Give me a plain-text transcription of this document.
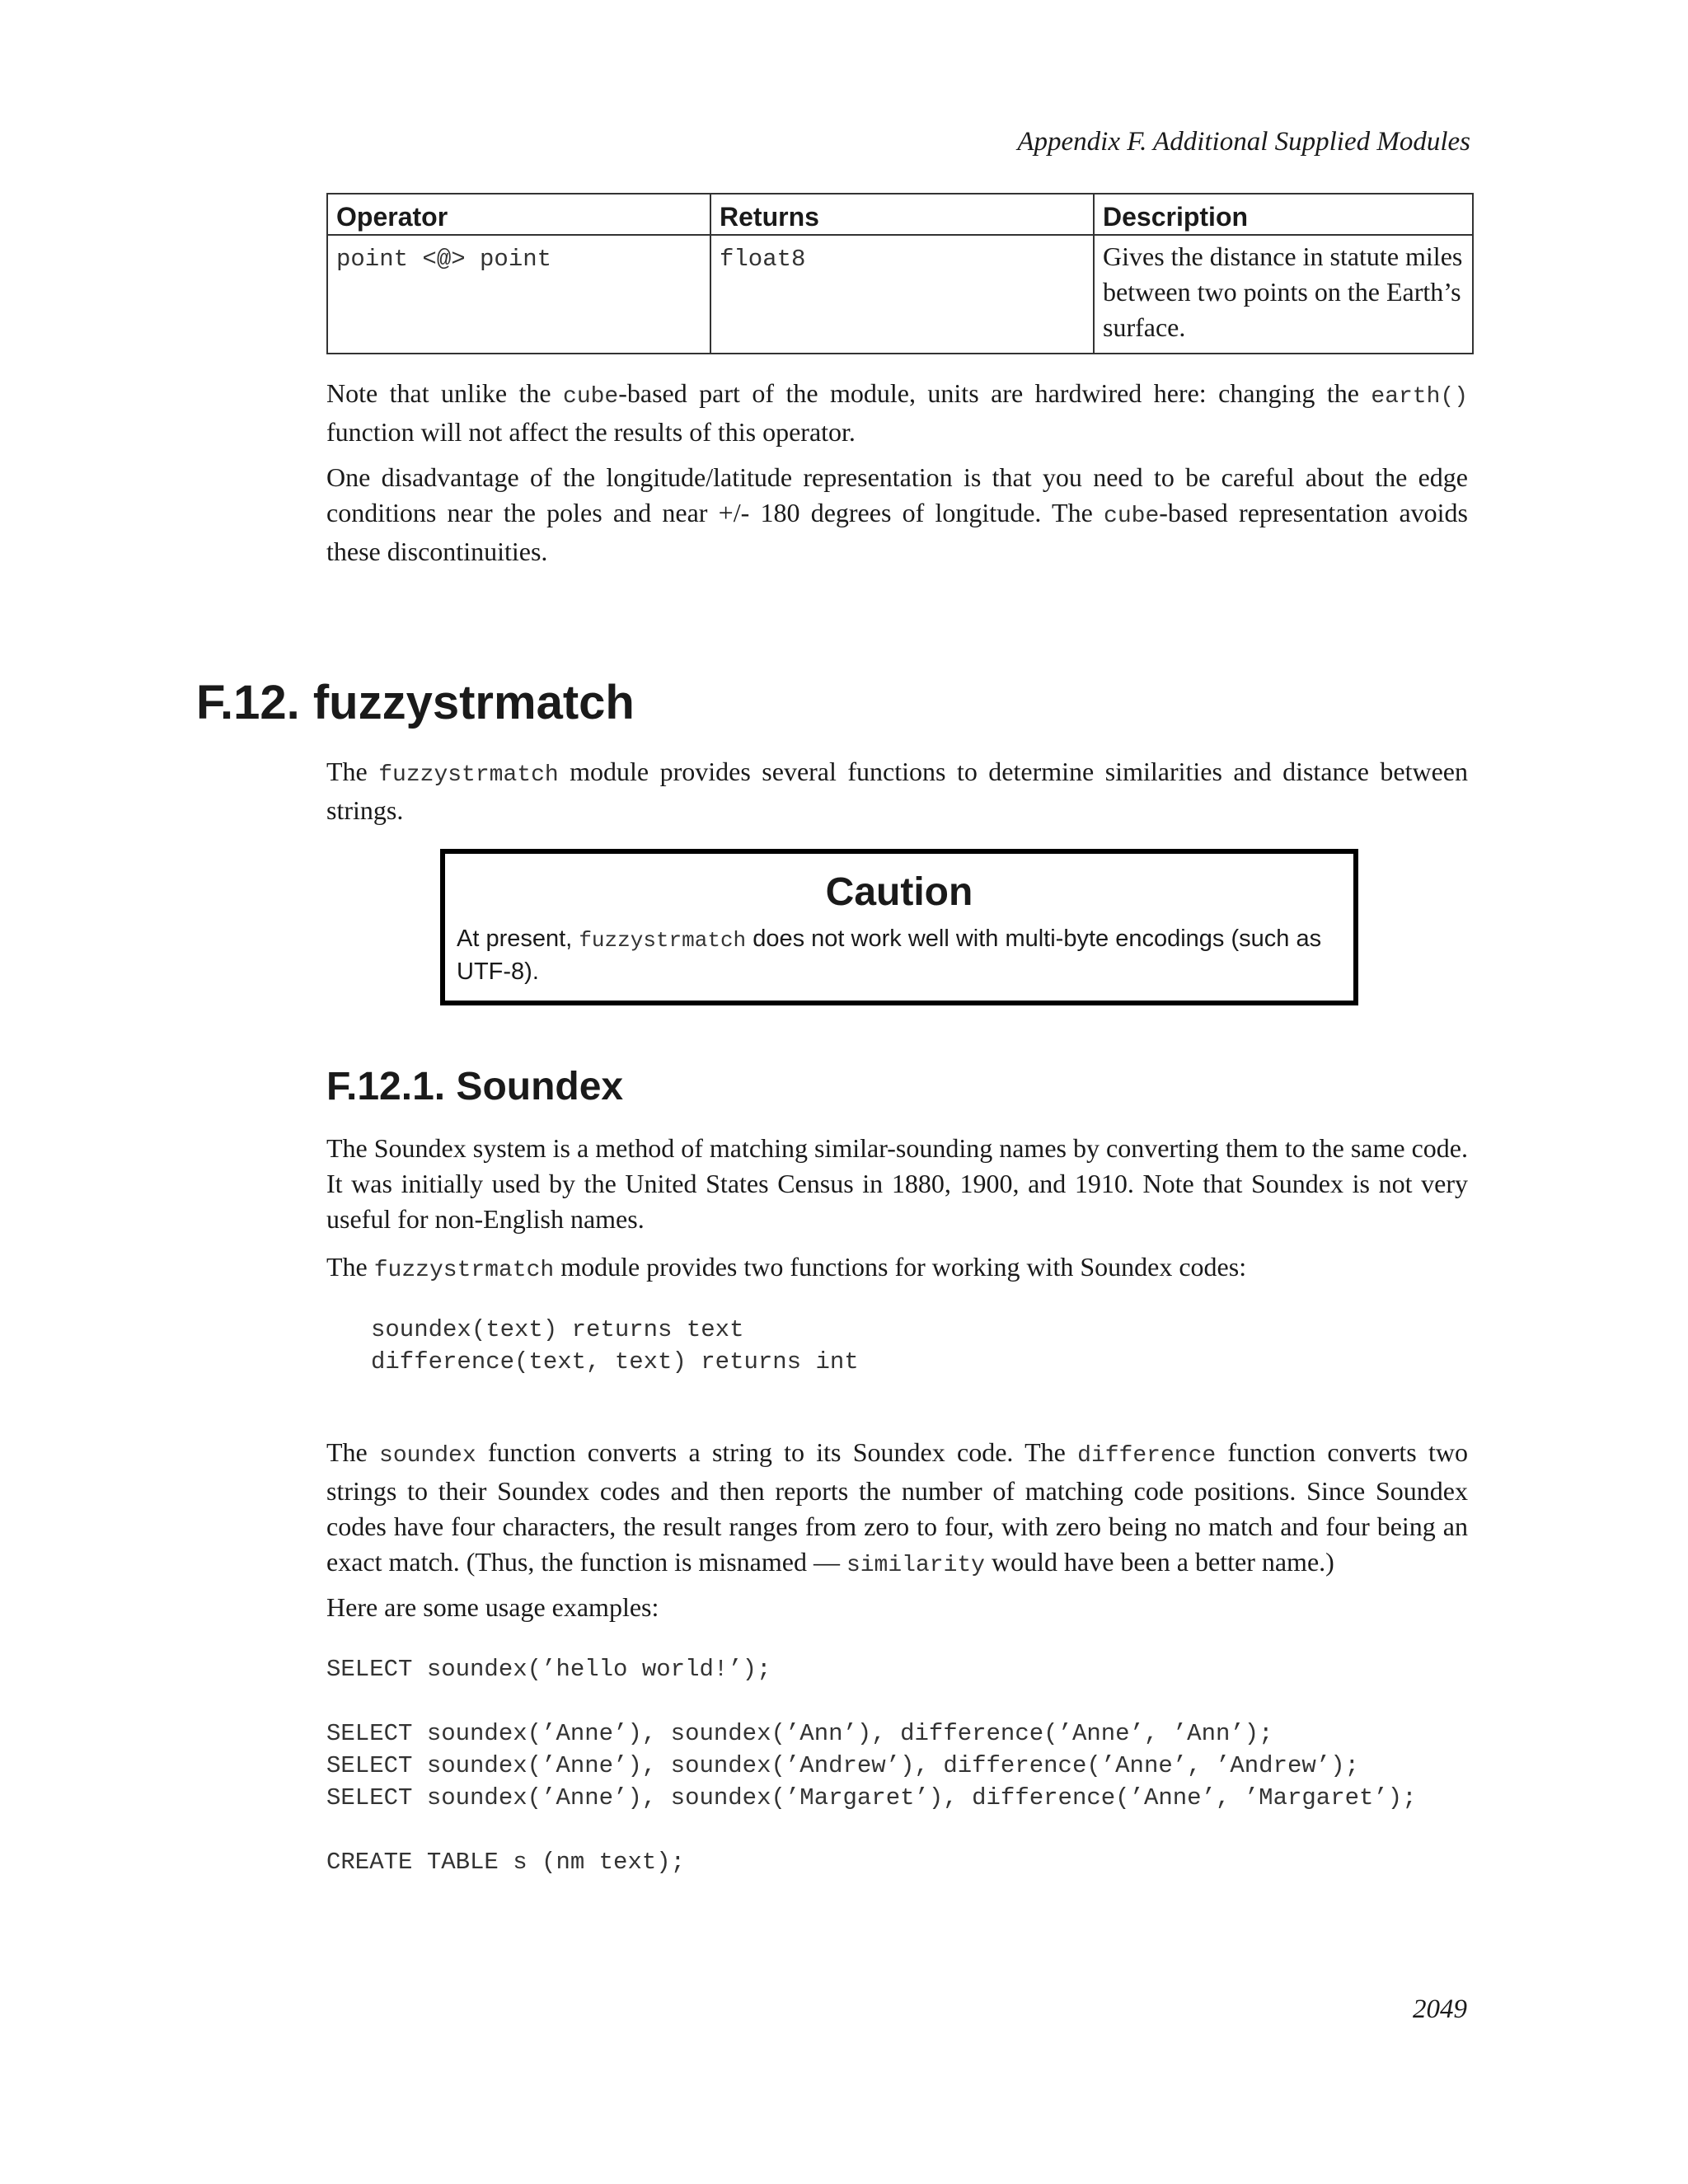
Appendix F. Additional Supplied Modules
Operator	Returns	Description
point <@> point	float8	Gives the distance in statute miles between two points on the Earth’s surface.

Note that unlike the cube-based part of the module, units are hardwired here: changing the earth() function will not affect the results of this operator.

One disadvantage of the longitude/latitude representation is that you need to be careful about the edge conditions near the poles and near +/- 180 degrees of longitude. The cube-based representation avoids these discontinuities.

F.12. fuzzystrmatch

The fuzzystrmatch module provides several functions to determine similarities and distance between strings.

Caution
At present, fuzzystrmatch does not work well with multi-byte encodings (such as UTF-8).
F.12.1. Soundex

The Soundex system is a method of matching similar-sounding names by converting them to the same code. It was initially used by the United States Census in 1880, 1900, and 1910. Note that Soundex is not very useful for non-English names.

The fuzzystrmatch module provides two functions for working with Soundex codes:

soundex(text) returns text
difference(text, text) returns int

The soundex function converts a string to its Soundex code. The difference function converts two strings to their Soundex codes and then reports the number of matching code positions. Since Soundex codes have four characters, the result ranges from zero to four, with zero being no match and four being an exact match. (Thus, the function is misnamed — similarity would have been a better name.)

Here are some usage examples:

SELECT soundex(’hello world!’);

SELECT soundex(’Anne’), soundex(’Ann’), difference(’Anne’, ’Ann’);
SELECT soundex(’Anne’), soundex(’Andrew’), difference(’Anne’, ’Andrew’);
SELECT soundex(’Anne’), soundex(’Margaret’), difference(’Anne’, ’Margaret’);

CREATE TABLE s (nm text);
2049
